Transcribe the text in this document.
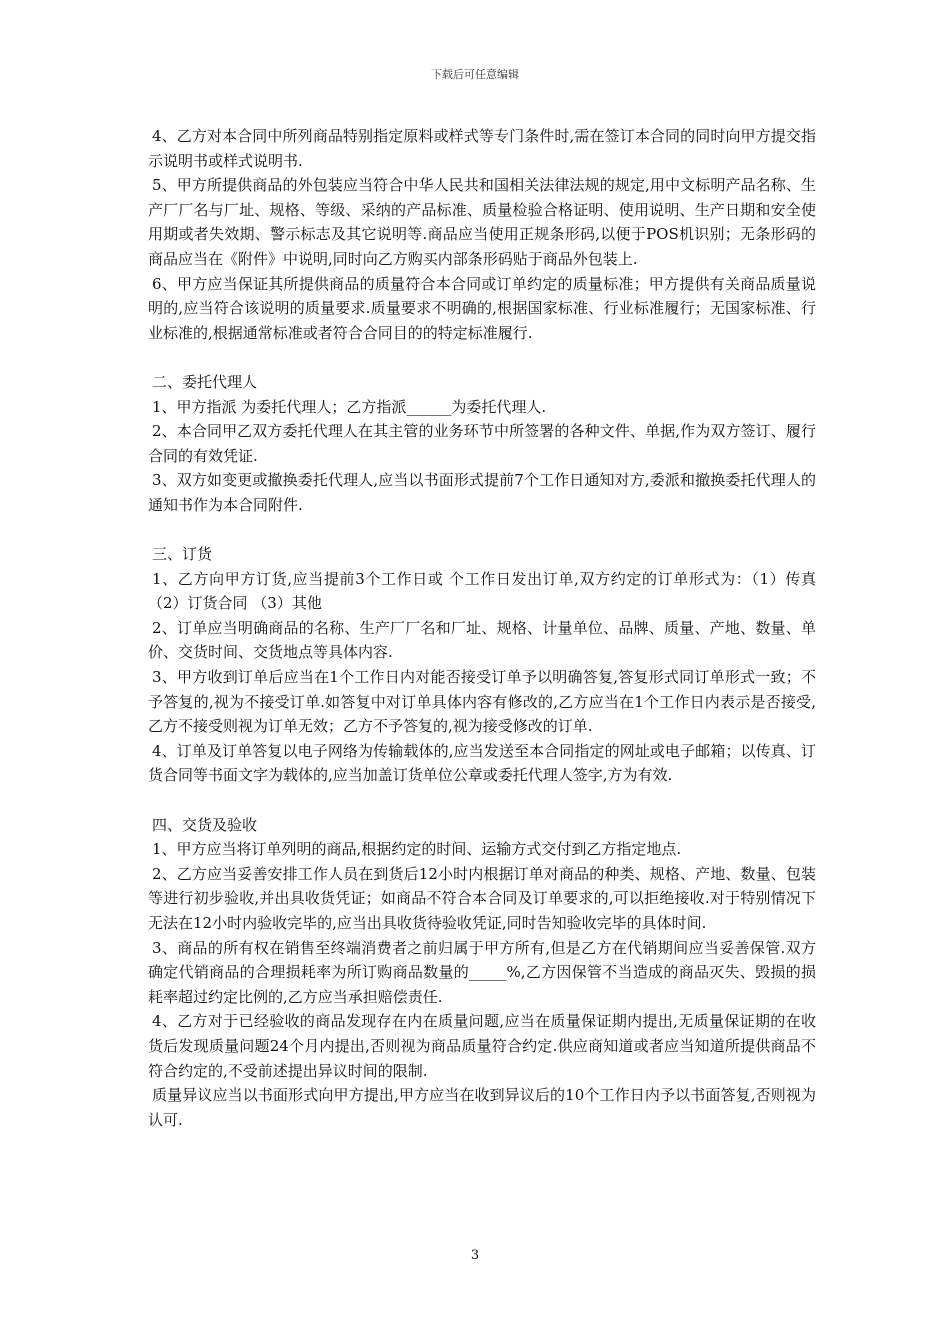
下载后可任意编辑

4、乙方对本合同中所列商品特别指定原料或样式等专门条件时,需在签订本合同的同时向甲方提交指示说明书或样式说明书.

5、甲方所提供商品的外包装应当符合中华人民共和国相关法律法规的规定,用中文标明产品名称、生产厂厂名与厂址、规格、等级、采纳的产品标准、质量检验合格证明、使用说明、生产日期和安全使用期或者失效期、警示标志及其它说明等.商品应当使用正规条形码,以便于POS机识别；无条形码的商品应当在《附件》中说明,同时向乙方购买内部条形码贴于商品外包装上.

6、甲方应当保证其所提供商品的质量符合本合同或订单约定的质量标准；甲方提供有关商品质量说明的,应当符合该说明的质量要求.质量要求不明确的,根据国家标准、行业标准履行；无国家标准、行业标准的,根据通常标准或者符合合同目的的特定标准履行.

二、委托代理人

1、甲方指派 为委托代理人；乙方指派______为委托代理人.

2、本合同甲乙双方委托代理人在其主管的业务环节中所签署的各种文件、单据,作为双方签订、履行合同的有效凭证.

3、双方如变更或撤换委托代理人,应当以书面形式提前7个工作日通知对方,委派和撤换委托代理人的通知书作为本合同附件.

三、订货

1、乙方向甲方订货,应当提前3个工作日或 个工作日发出订单,双方约定的订单形式为：（1）传真 （2）订货合同 （3）其他

2、订单应当明确商品的名称、生产厂厂名和厂址、规格、计量单位、品牌、质量、产地、数量、单价、交货时间、交货地点等具体内容.

3、甲方收到订单后应当在1个工作日内对能否接受订单予以明确答复,答复形式同订单形式一致；不予答复的,视为不接受订单.如答复中对订单具体内容有修改的,乙方应当在1个工作日内表示是否接受,乙方不接受则视为订单无效；乙方不予答复的,视为接受修改的订单.

4、订单及订单答复以电子网络为传输载体的,应当发送至本合同指定的网址或电子邮箱；以传真、订货合同等书面文字为载体的,应当加盖订货单位公章或委托代理人签字,方为有效.

四、交货及验收

1、甲方应当将订单列明的商品,根据约定的时间、运输方式交付到乙方指定地点.

2、乙方应当妥善安排工作人员在到货后12小时内根据订单对商品的种类、规格、产地、数量、包装等进行初步验收,并出具收货凭证；如商品不符合本合同及订单要求的,可以拒绝接收.对于特别情况下无法在12小时内验收完毕的,应当出具收货待验收凭证,同时告知验收完毕的具体时间.

3、商品的所有权在销售至终端消费者之前归属于甲方所有,但是乙方在代销期间应当妥善保管.双方确定代销商品的合理损耗率为所订购商品数量的_____%,乙方因保管不当造成的商品灭失、毁损的损耗率超过约定比例的,乙方应当承担赔偿责任.

4、乙方对于已经验收的商品发现存在内在质量问题,应当在质量保证期内提出,无质量保证期的在收货后发现质量问题24个月内提出,否则视为商品质量符合约定.供应商知道或者应当知道所提供商品不符合约定的,不受前述提出异议时间的限制.

质量异议应当以书面形式向甲方提出,甲方应当在收到异议后的10个工作日内予以书面答复,否则视为认可.

3
